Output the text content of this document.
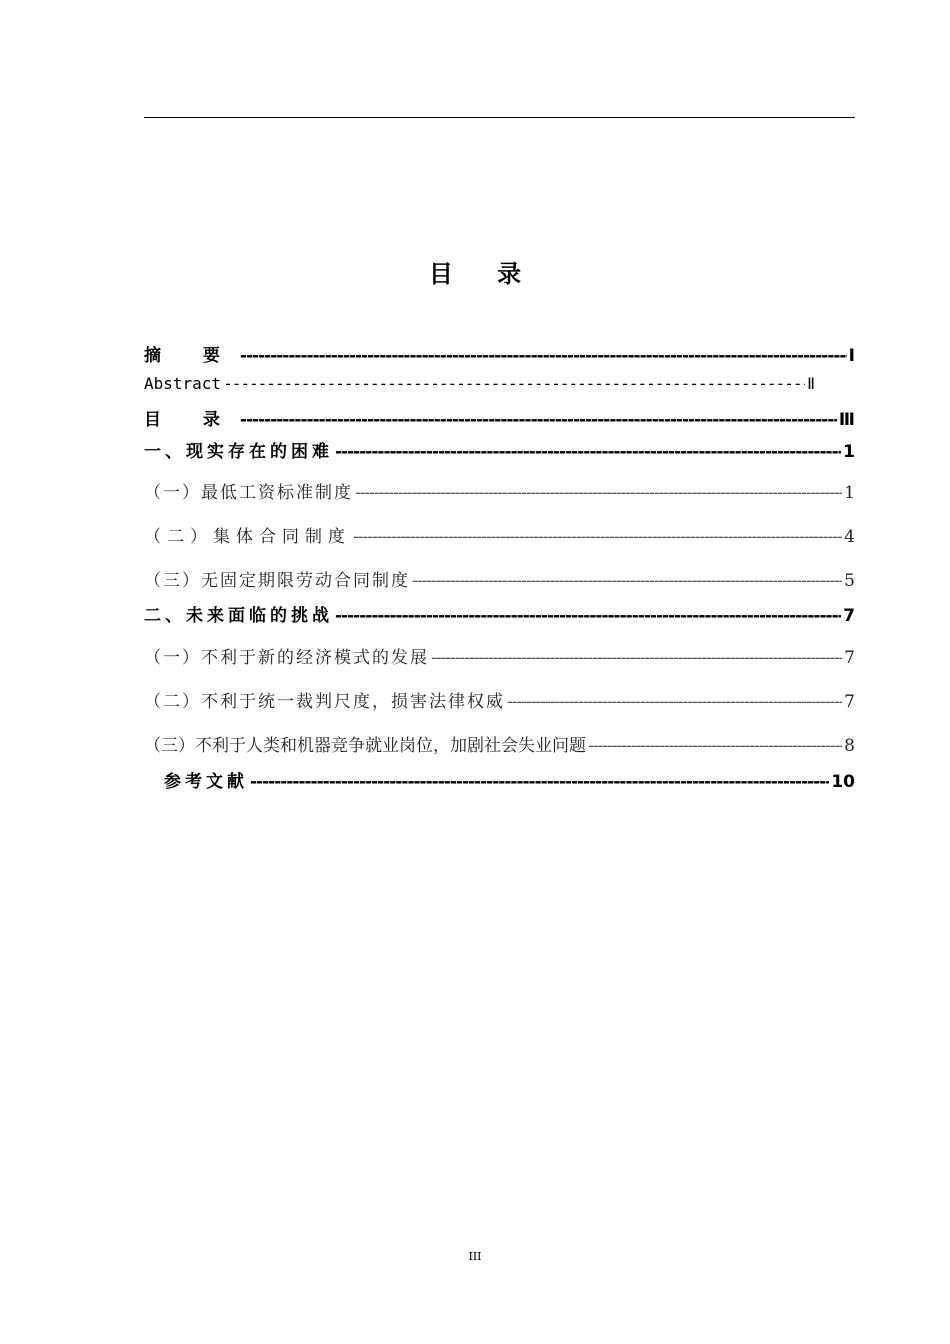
目 录
摘 要 -----	Ⅰ
Abstract -----	Ⅱ
目 录 -----	Ⅲ
一、现实存在的困难 -----	1
（一）最低工资标准制度 -----	1
（二）集体合同制度 -----	4
（三）无固定期限劳动合同制度 -----	5
二、未来面临的挑战 -----	7
（一）不利于新的经济模式的发展 -----	7
（二）不利于统一裁判尺度，损害法律权威 -----	7
（三）不利于人类和机器竞争就业岗位，加剧社会失业问题 -----	8
参考文献 -----	10
III
